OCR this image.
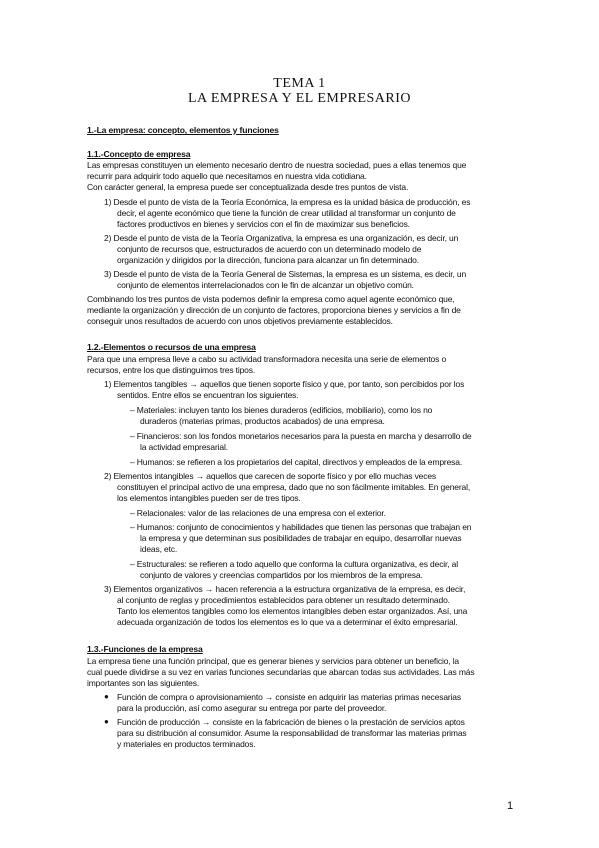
TEMA 1
LA EMPRESA Y EL EMPRESARIO
1.-La empresa: concepto, elementos y funciones
1.1.-Concepto de empresa
Las empresas constituyen un elemento necesario dentro de nuestra sociedad, pues a ellas tenemos que
recurrir para adquirir todo aquello que necesitamos en nuestra vida cotidiana.
Con carácter general, la empresa puede ser conceptualizada desde tres puntos de vista.
1) Desde el punto de vista de la Teoría Económica, la empresa es la unidad básica de producción, es
decir, el agente económico que tiene la función de crear utilidad al transformar un conjunto de
factores productivos en bienes y servicios con el fin de maximizar sus beneficios.
2) Desde el punto de vista de la Teoría Organizativa, la empresa es una organización, es decir, un
conjunto de recursos que, estructurados de acuerdo con un determinado modelo de
organización y dirigidos por la dirección, funciona para alcanzar un fin determinado.
3) Desde el punto de vista de la Teoría General de Sistemas, la empresa es un sistema, es decir, un
conjunto de elementos interrelacionados con le fin de alcanzar un objetivo común.
Combinando los tres puntos de vista podemos definir la empresa como aquel agente económico que,
mediante la organización y dirección de un conjunto de factores, proporciona bienes y servicios a fin de
conseguir unos resultados de acuerdo con unos objetivos previamente establecidos.
1.2.-Elementos o recursos de una empresa
Para que una empresa lleve a cabo su actividad transformadora necesita una serie de elementos o
recursos, entre los que distinguimos tres tipos.
1) Elementos tangibles → aquellos que tienen soporte físico y que, por tanto, son percibidos por los
sentidos. Entre ellos se encuentran los siguientes.
– Materiales: incluyen tanto los bienes duraderos (edificios, mobiliario), como los no
duraderos (materias primas, productos acabados) de una empresa.
– Financieros: son los fondos monetarios necesarios para la puesta en marcha y desarrollo de
la actividad empresarial.
– Humanos: se refieren a los propietarios del capital, directivos y empleados de la empresa.
2) Elementos intangibles → aquellos que carecen de soporte físico y por ello muchas veces
constituyen el principal activo de una empresa, dado que no son fácilmente imitables. En general,
los elementos intangibles pueden ser de tres tipos.
– Relacionales: valor de las relaciones de una empresa con el exterior.
– Humanos: conjunto de conocimientos y habilidades que tienen las personas que trabajan en
la empresa y que determinan sus posibilidades de trabajar en equipo, desarrollar nuevas
ideas, etc.
– Estructurales: se refieren a todo aquello que conforma la cultura organizativa, es decir, al
conjunto de valores y creencias compartidos por los miembros de la empresa.
3) Elementos organizativos → hacen referencia a la estructura organizativa de la empresa, es decir,
al conjunto de reglas y procedimientos establecidos para obtener un resultado determinado.
Tanto los elementos tangibles como los elementos intangibles deben estar organizados. Así, una
adecuada organización de todos los elementos es lo que va a determinar el éxito empresarial.
1.3.-Funciones de la empresa
La empresa tiene una función principal, que es generar bienes y servicios para obtener un beneficio, la
cual puede dividirse a su vez en varias funciones secundarias que abarcan todas sus actividades. Las más
importantes son las siguientes.
● Función de compra o aprovisionamiento → consiste en adquirir las materias primas necesarias
para la producción, así como asegurar su entrega por parte del proveedor.
● Función de producción → consiste en la fabricación de bienes o la prestación de servicios aptos
para su distribución al consumidor. Asume la responsabilidad de transformar las materias primas
y materiales en productos terminados.
1
